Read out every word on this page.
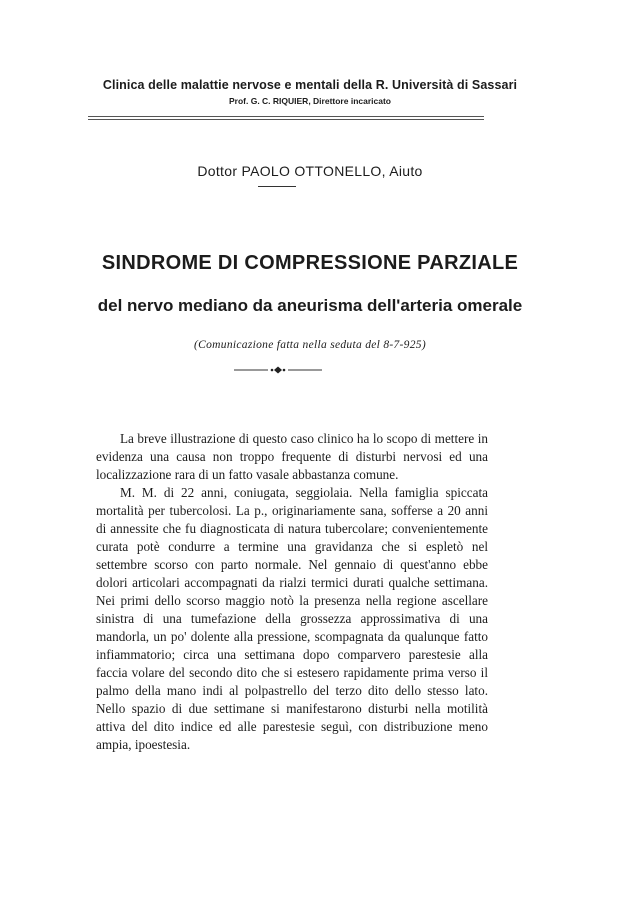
Clinica delle malattie nervose e mentali della R. Università di Sassari
Prof. G. C. RIQUIER, Direttore incaricato
Dottor PAOLO OTTONELLO, Aiuto
SINDROME DI COMPRESSIONE PARZIALE
del nervo mediano da aneurisma dell'arteria omerale
(Comunicazione fatta nella seduta del 8-7-925)

La breve illustrazione di questo caso clinico ha lo scopo di mettere in evidenza una causa non troppo frequente di disturbi nervosi ed una localizzazione rara di un fatto vasale abbastanza comune.

M. M. di 22 anni, coniugata, seggiolaia. Nella famiglia spiccata mortalità per tubercolosi. La p., originariamente sana, sofferse a 20 anni di annessite che fu diagnosticata di natura tubercolare; convenientemente curata potè condurre a termine una gravidanza che si espletò nel settembre scorso con parto normale. Nel gennaio di quest'anno ebbe dolori articolari accompagnati da rialzi termici durati qualche settimana. Nei primi dello scorso maggio notò la presenza nella regione ascellare sinistra di una tumefazione della grossezza approssimativa di una mandorla, un po' dolente alla pressione, scompagnata da qualunque fatto infiammatorio; circa una settimana dopo comparvero parestesie alla faccia volare del secondo dito che si estesero rapidamente prima verso il palmo della mano indi al polpastrello del terzo dito dello stesso lato. Nello spazio di due settimane si manifestarono disturbi nella motilità attiva del dito indice ed alle parestesie seguì, con distribuzione meno ampia, ipoestesia.
